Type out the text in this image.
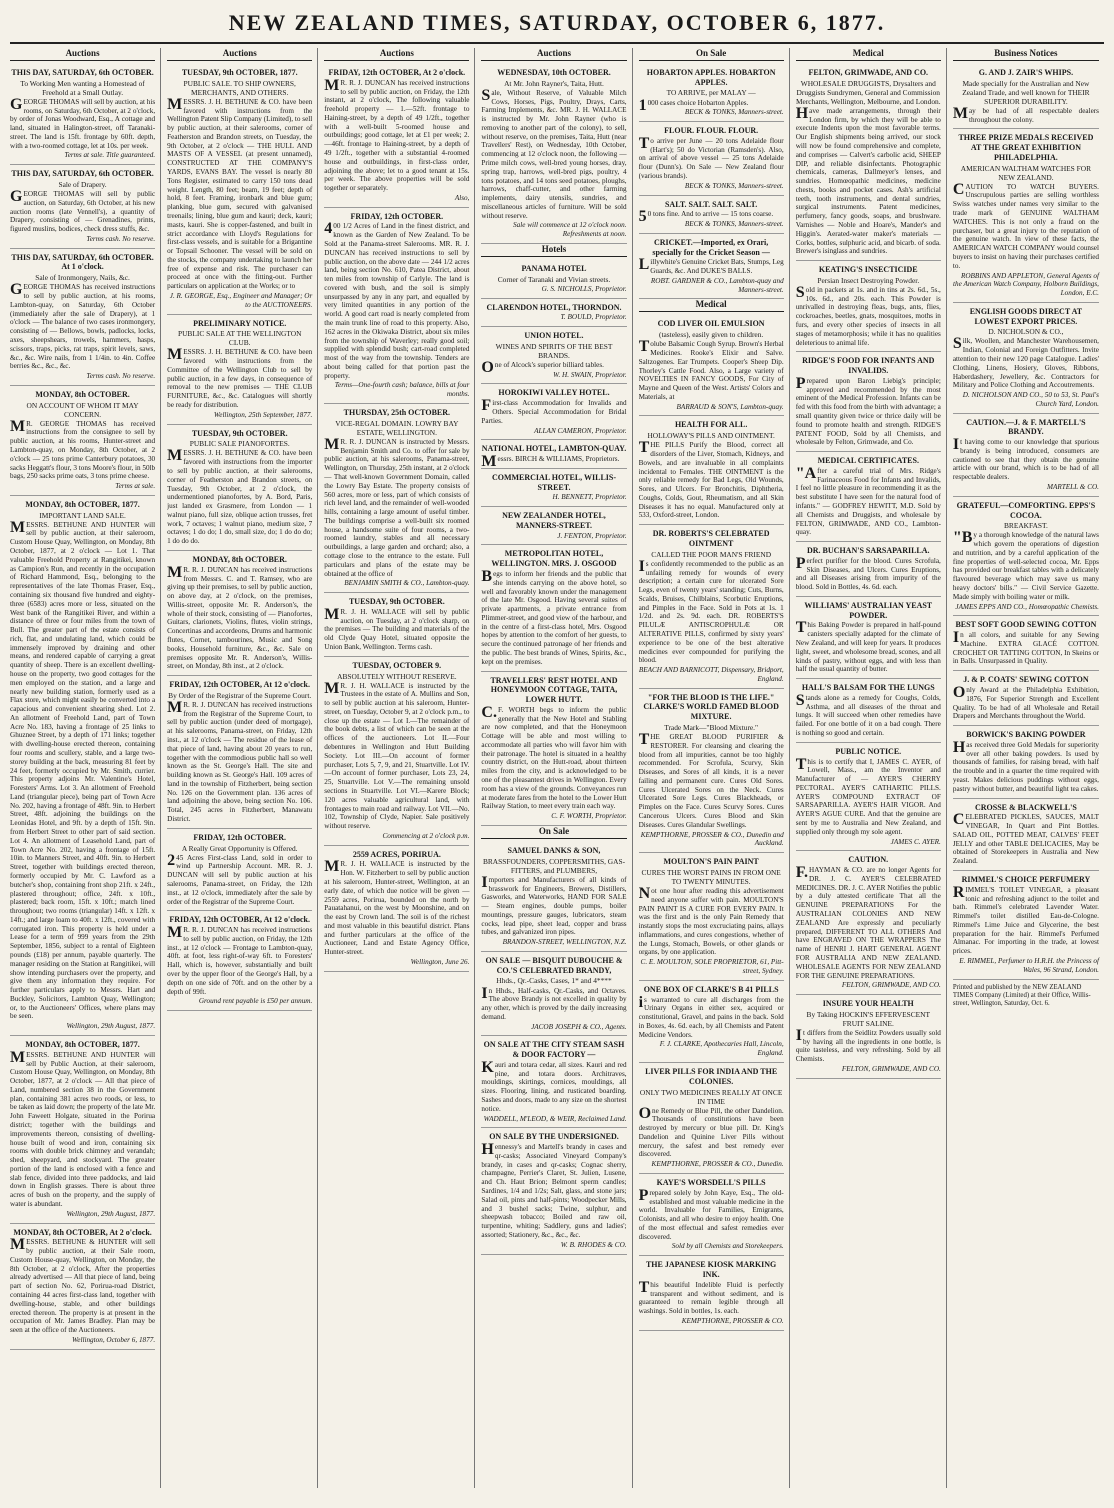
NEW ZEALAND TIMES, SATURDAY, OCTOBER 6, 1877.
Auctions
THIS DAY, SATURDAY, 6th OCTOBER.
To Working Men wanting a Homestead of Freehold at a Small Outlay.

GEORGE THOMAS will sell by auction, at his rooms, on Saturday, 6th October, at 2 o'clock, by order of Jonas Woodward, Esq., A cottage and land, situated in Halington-street, off Taranaki-street. The land is 15ft. frontage by 60ft. depth, with a two-roomed cottage, let at 10s. per week.

Terms at sale. Title guaranteed.

THIS DAY, SATURDAY, 6th OCTOBER.
Sale of Drapery.

GEORGE THOMAS will sell by public auction, on Saturday, 6th October, at his new auction rooms (late Vennell's), a quantity of Drapery, consisting of — Grenadines, prints, figured muslins, bodices, check dress stuffs, &c.

Terms cash. No reserve.

THIS DAY, SATURDAY, 6th OCTOBER. At 1 o'clock.
Sale of Ironmongery, Nails, &c.

GEORGE THOMAS has received instructions to sell by public auction, at his rooms, Lambton-quay, on Saturday, 6th October (immediately after the sale of Drapery), at 1 o'clock — The balance of two cases ironmongery, consisting of — Bellows, bowls, padlocks, locks, axes, sheepshears, trowels, hammers, hasps, scissors, traps, picks, rat traps, spirit levels, saws, &c., &c. Wire nails, from 1 1/4in. to 4in. Coffee berries &c., &c., &c.

Terms cash. No reserve.

MONDAY, 8th OCTOBER.
ON ACCOUNT OF WHOM IT MAY CONCERN.

MR. GEORGE THOMAS has received instructions from the consignee to sell by public auction, at his rooms, Hunter-street and Lambton-quay, on Monday, 8th October, at 2 o'clock — 25 tons prime Canterbury potatoes, 30 sacks Heggatt's flour, 3 tons Moore's flour, in 50lb bags, 250 sacks prime oats, 3 tons prime cheese.

Terms at sale.

MONDAY, 8th OCTOBER, 1877.
IMPORTANT LAND SALE.

MESSRS. BETHUNE AND HUNTER will sell by public auction, at their saleroom, Custom House Quay, Wellington, on Monday, 8th October, 1877, at 2 o'clock — Lot 1. That valuable Freehold Property at Rangitikei, known as Campion's Run, and recently in the occupation of Richard Hammond, Esq., belonging to the representatives of the late Thomas Fraser, Esq., containing six thousand five hundred and eighty-three (6583) acres more or less, situated on the West bank of the Rangitikei River, and within a distance of three or four miles from the town of Bull. The greater part of the estate consists of rich, flat, and undulating land, which could be immensely improved by draining and other means, and rendered capable of carrying a great quantity of sheep. There is an excellent dwelling-house on the property, two good cottages for the men employed on the station, and a large and nearly new building station, formerly used as a Flax store, which might easily be converted into a capacious and convenient shearing shed. Lot 2. An allotment of Freehold Land, part of Town Acre No. 183, having a frontage of 25 links to Ghuznee Street, by a depth of 171 links; together with dwelling-house erected thereon, containing four rooms and scullery, stable, and a large two-storey building at the back, measuring 81 feet by 24 feet, formerly occupied by Mr. Smith, currier. This property adjoins Mr. Valentine's Hotel, Foresters' Arms. Lot 3. An allotment of Freehold Land (triangular piece), being part of Town Acre No. 202, having a frontage of 48ft. 9in. to Herbert Street, 48ft. adjoining the buildings on the Leonidas Hotel, and 9ft. by a depth of 15ft. 9in. from Herbert Street to other part of said section. Lot 4. An allotment of Leasehold Land, part of Town Acre No. 202, having a frontage of 15ft. 10in. to Manners Street, and 40ft. 9in. to Herbert Street, together with buildings erected thereon, formerly occupied by Mr. C. Lawford as a butcher's shop, containing front shop 21ft. x 24ft., plastered throughout; office, 24ft. x 10ft., plastered; back room, 15ft. x 10ft.; match lined throughout; two rooms (triangular) 14ft. x 12ft. x 14ft.; and large loam to 40ft. x 12ft., covered with corrugated iron. This property is held under a Lease for a term of 999 years from the 29th September, 1856, subject to a rental of Eighteen pounds (£18) per annum, payable quarterly. The manager residing on the Station at Rangitikei, will show intending purchasers over the property, and give them any information they require. For further particulars apply to Messrs. Hart and Buckley, Solicitors, Lambton Quay, Wellington; or, to the Auctioneers' Offices, where plans may be seen.

Wellington, 29th August, 1877.

MONDAY, 8th OCTOBER, 1877.

MESSRS. BETHUNE AND HUNTER will sell by Public Auction, at their saleroom, Custom House Quay, Wellington, on Monday, 8th October, 1877, at 2 o'clock — All that piece of Land, numbered section 38 in the Government plan, containing 381 acres two roods, or less, to be taken as laid down; the property of the late Mr. John Faweett Holgate, situated in the Porirua district; together with the buildings and improvements thereon, consisting of dwelling-house built of wood and iron, containing six rooms with double brick chimney and verandah; shed, sheepyard, and stockyard. The greater portion of the land is enclosed with a fence and slab fence, divided into three paddocks, and laid down in English grasses. There is about three acres of bush on the property, and the supply of water is abundant.

Wellington, 29th August, 1877.

MONDAY, 8th OCTOBER, At 2 o'clock.

MESSRS. BETHUNE & HUNTER will sell by public auction, at their Sale room, Custom House-quay, Wellington, on Monday, the 8th October, at 2 o'clock, After the properties already advertised — All that piece of land, being part of section No. 62, Porirua-road District, containing 44 acres first-class land, together with dwelling-house, stable, and other buildings erected thereon. The property is at present in the occupation of Mr. James Bradley. Plan may be seen at the office of the Auctioneers.

Wellington, October 6, 1877.

Auctions
TUESDAY, 9th OCTOBER, 1877.
PUBLIC SALE. TO SHIP OWNERS, MERCHANTS, AND OTHERS.

MESSRS. J. H. BETHUNE & CO. have been favored with instructions from the Wellington Patent Slip Company (Limited), to sell by public auction, at their salerooms, corner of Featherston and Brandon streets, on Tuesday, the 9th October, at 2 o'clock — THE HULL AND MASTS OF A VESSEL (at present unnamed), CONSTRUCTED AT THE COMPANY'S YARDS, EVANS BAY. The vessel is nearly 80 Tons Register, estimated to carry 150 tons dead weight. Length, 80 feet; beam, 19 feet; depth of hold, 8 feet. Framing, ironbark and blue gum; planking, blue gum, secured with galvanised treenails; lining, blue gum and kauri; deck, kauri; masts, kauri. She is copper-fastened, and built in strict accordance with Lloyd's Regulations for first-class vessels, and is suitable for a Brigantine or Topsail Schooner. The vessel will be sold on the stocks, the company undertaking to launch her free of expense and risk. The purchaser can proceed at once with the fitting-out. Further particulars on application at the Works; or to

J. R. GEORGE, Esq., Engineer and Manager; Or to the AUCTIONEERS.

PRELIMINARY NOTICE.
PUBLIC SALE AT THE WELLINGTON CLUB.

MESSRS. J. H. BETHUNE & CO. have been favored with instructions from the Committee of the Wellington Club to sell by public auction, in a few days, in consequence of removal to the new premises — THE CLUB FURNITURE, &c., &c. Catalogues will shortly be ready for distribution.

Wellington, 25th September, 1877.

TUESDAY, 9th OCTOBER.
PUBLIC SALE PIANOFORTES.

MESSRS. J. H. BETHUNE & CO. have been favored with instructions from the importer to sell by public auction, at their salerooms, corner of Featherston and Brandon streets, on Tuesday, 9th October, at 2 o'clock, the undermentioned pianofortes, by A. Bord, Paris, just landed ex Grasmere, from London — 1 walnut piano, full size, oblique action trusses, fret work, 7 octaves; 1 walnut piano, medium size, 7 octaves; 1 do do; 1 do, small size, do; 1 do do do; 1 do do do.

MONDAY, 8th OCTOBER.

MR. R. J. DUNCAN has received instructions from Messrs. C. and T. Ramsey, who are giving up their premises, to sell by public auction, on above day, at 2 o'clock, on the premises, Willis-street, opposite Mr. R. Anderson's, the whole of their stock, consisting of — Pianofortes, Guitars, clarionets, Violins, flutes, violin strings, Concertinas and accordeons, Drums and harmonic flutes, Cornet, tambourines, Music and Song books, Household furniture, &c., &c. Sale on premises opposite Mr. R. Anderson's, Willis-street, on Monday, 8th inst., at 2 o'clock.

FRIDAY, 12th OCTOBER, At 12 o'clock.
By Order of the Registrar of the Supreme Court.

MR. R. J. DUNCAN has received instructions from the Registrar of the Supreme Court, to sell by public auction (under deed of mortgage), at his salerooms, Panama-street, on Friday, 12th inst., at 12 o'clock — The residue of the lease of that piece of land, having about 20 years to run, together with the commodious public hall so well known as the St. George's Hall. The site and building known as St. George's Hall. 109 acres of land in the township of Fitzherbert, being section No. 126 on the Government plan. 136 acres of land adjoining the above, being section No. 106. Total, 245 acres in Fitzherbert, Manawatu District.

FRIDAY, 12th OCTOBER.
A Really Great Opportunity is Offered.

245 Acres First-class Land, sold in order to wind up Partnership Account. MR. R. J. DUNCAN will sell by public auction at his salerooms, Panama-street, on Friday, the 12th inst., at 12 o'clock, immediately after the sale by order of the Registrar of the Supreme Court.

FRIDAY, 12th OCTOBER, At 12 o'clock.

MR. R. J. DUNCAN has received instructions to sell by public auction, on Friday, the 12th inst., at 12 o'clock — Frontage to Lambton-quay, 40ft. at foot, less right-of-way 6ft. to Foresters' Hall, which is, however, substantially and built over by the upper floor of the George's Hall, by a depth on one side of 70ft. and on the other by a depth of 99ft.

Ground rent payable is £50 per annum.

Auctions
FRIDAY, 12th OCTOBER, At 2 o'clock.

MR. R. J. DUNCAN has received instructions to sell by public auction, on Friday, the 12th instant, at 2 o'clock, The following valuable freehold property — 1.—52ft. frontage to Haining-street, by a depth of 49 1/2ft., together with a well-built 5-roomed house and outbuildings; good cottage, let at £1 per week; 2.—46ft. frontage to Haining-street, by a depth of 49 1/2ft., together with a substantial 4-roomed house and outbuildings, in first-class order, adjoining the above; let to a good tenant at 15s. per week. The above properties will be sold together or separately.

Also,

FRIDAY, 12th OCTOBER.

400 1/2 Acres of Land in the finest district, and known as the Garden of New Zealand. To be Sold at the Panama-street Salerooms. MR. R. J. DUNCAN has received instructions to sell by public auction, on the above date — 244 1/2 acres land, being section No. 610, Patea District, about ten miles from township of Carlyle. The land is covered with bush, and the soil is simply unsurpassed by any in any part, and equalled by very limited quantities in any portion of the world. A good cart road is nearly completed from the main trunk line of road to this property. Also, 162 acres in the Okiwaka District, about six miles from the township of Waverley; really good soil; supplied with splendid bush; cart-road completed most of the way from the township. Tenders are about being called for that portion past the property.

Terms—One-fourth cash; balance, bills at four months.

THURSDAY, 25th OCTOBER.
VICE-REGAL DOMAIN. LOWRY BAY ESTATE, WELLINGTON.

MR. R. J. DUNCAN is instructed by Messrs. Benjamin Smith and Co. to offer for sale by public auction, at his salerooms, Panama-street, Wellington, on Thursday, 25th instant, at 2 o'clock — That well-known Government Domain, called the Lowry Bay Estate. The property consists of 560 acres, more or less, part of which consists of rich level land, and the remainder of well-wooded hills, containing a large amount of useful timber. The buildings comprise a well-built six roomed house, a handsome suite of four rooms, a two-roomed laundry, stables and all necessary outbuildings, a large garden and orchard; also, a cottage close to the entrance to the estate. Full particulars and plans of the estate may be obtained at the office of

BENJAMIN SMITH & CO., Lambton-quay.

TUESDAY, 9th OCTOBER.

MR. J. H. WALLACE will sell by public auction, on Tuesday, at 2 o'clock sharp, on the premises — The building and materials of the old Clyde Quay Hotel, situated opposite the Union Bank, Wellington. Terms cash.

TUESDAY, OCTOBER 9.
ABSOLUTELY WITHOUT RESERVE.

MR. J. H. WALLACE is instructed by the Trustees in the estate of A. Mullins and Son, to sell by public auction at his saleroom, Hunter-street, on Tuesday, October 9, at 2 o'clock p.m., to close up the estate — Lot I.—The remainder of the book debts, a list of which can be seen at the offices of the auctioneers. Lot II.—Four debentures in Wellington and Hutt Building Society. Lot III.—On account of former purchaser, Lots 5, 7, 9, and 21, Stuartville. Lot IV.—On account of former purchaser, Lots 23, 24, 25, Stuartville. Lot V.—The remaining unsold sections in Stuartville. Lot VI.—Karere Block; 120 acres valuable agricultural land, with frontages to main road and railway. Lot VII.—No. 102, Township of Clyde, Napier. Sale positively without reserve.

Commencing at 2 o'clock p.m.

2559 ACRES, PORIRUA.

MR. J. H. WALLACE is instructed by the Hon. W. Fitzherbert to sell by public auction at his saleroom, Hunter-street, Wellington, at an early date, of which due notice will be given — 2559 acres, Porirua, bounded on the north by Pauatahanui, on the west by Moonshine, and on the east by Crown land. The soil is of the richest and most valuable in this beautiful district. Plans and further particulars at the office of the Auctioneer, Land and Estate Agency Office, Hunter-street.

Wellington, June 26.

Auctions
WEDNESDAY, 10th OCTOBER.
At Mr. John Rayner's, Taita, Hutt.

Sale, Without Reserve, of Valuable Milch Cows, Horses, Pigs, Poultry, Drays, Carts, Farming Implements, &c. MR. J. H. WALLACE is instructed by Mr. John Rayner (who is removing to another part of the colony), to sell, without reserve, on the premises, Taita, Hutt (near Travellers' Rest), on Wednesday, 10th October, commencing at 12 o'clock noon, the following — Prime milch cows, well-bred young horses, dray, spring trap, harrows, well-bred pigs, poultry, 4 tons potatoes, and 14 tons seed potatoes, ploughs, harrows, chaff-cutter, and other farming implements, dairy utensils, sundries, and miscellaneous articles of furniture. Will be sold without reserve.

Sale will commence at 12 o'clock noon. Refreshments at noon.

Hotels
PANAMA HOTEL
Corner of Taranaki and Vivian streets.

G. S. NICHOLLS, Proprietor.

CLARENDON HOTEL, THORNDON.

T. BOULD, Proprietor.

UNION HOTEL.
WINES AND SPIRITS OF THE BEST BRANDS.

One of Alcock's superior billiard tables.

W. H. SWAIN, Proprietor.

HOROKIWI VALLEY HOTEL.

First-class Accommodation for Invalids and Others. Special Accommodation for Bridal Parties.

ALLAN CAMERON, Proprietor.

NATIONAL HOTEL, LAMBTON-QUAY.

Messrs. BIRCH & WILLIAMS, Proprietors.

COMMERCIAL HOTEL, WILLIS-STREET.

H. BENNETT, Proprietor.

NEW ZEALANDER HOTEL, MANNERS-STREET.

J. FENTON, Proprietor.

METROPOLITAN HOTEL, WELLINGTON. MRS. J. OSGOOD

Begs to inform her friends and the public that she intends carrying on the above hotel, so well and favorably known under the management of the late Mr. Osgood. Having several suites of private apartments, a private entrance from Plimmer-street, and good view of the harbour, and in the centre of a first-class hotel, Mrs. Osgood hopes by attention to the comfort of her guests, to secure the continued patronage of her friends and the public. The best brands of Wines, Spirits, &c., kept on the premises.

TRAVELLERS' REST HOTEL AND HONEYMOON COTTAGE, TAITA, LOWER HUTT.

C.F. WORTH begs to inform the public generally that the New Hotel and Stabling are now completed, and that the Honeymoon Cottage will be able and most willing to accommodate all parties who will favor him with their patronage. The hotel is situated in a healthy country district, on the Hutt-road, about thirteen miles from the city, and is acknowledged to be one of the pleasantest drives in Wellington. Every room has a view of the grounds. Conveyances run at moderate fares from the hotel to the Lower Hutt Railway Station, to meet every train each way.

C. F. WORTH, Proprietor.

On Sale
SAMUEL DANKS & SON,
BRASSFOUNDERS, COPPERSMITHS, GAS-FITTERS, and PLUMBERS,

Importers and Manufacturers of all kinds of brasswork for Engineers, Brewers, Distillers, Gasworks, and Waterworks, HAND FOR SALE — Steam engines, double pumps, boiler mountings, pressure gauges, lubricators, steam cocks, lead pipe, sheet lead, copper and brass tubes, and galvanized iron pipes.

BRANDON-STREET, WELLINGTON, N.Z.

ON SALE — BISQUIT DUBOUCHE & CO.'S CELEBRATED BRANDY,
Hhds., Qr.-Casks, Cases, 1* and 4****

In Hhds., Half-casks, Qr.-Casks, and Octaves. The above Brandy is not excelled in quality by any other, which is proved by the daily increasing demand.

JACOB JOSEPH & CO., Agents.

ON SALE AT THE CITY STEAM SASH & DOOR FACTORY —

Kauri and totara cedar, all sizes. Kauri and red pine, and totara doors. Architraves, mouldings, skirtings, cornices, mouldings, all sizes. Flooring, lining, and rusticated boarding. Sashes and doors, made to any size on the shortest notice.

WADDELL, M'LEOD, & WEIR, Reclaimed Land.

ON SALE BY THE UNDERSIGNED.

Hennessy's and Martell's brandy in cases and qr-casks; Associated Vineyard Company's brandy, in cases and qr-casks; Cognac sherry, champagne, Perrier's Claret, St. Julien, Lusene, and Ch. Haut Brion; Belmont sperm candles; Sardines, 1/4 and 1/2s; Salt, glass, and stone jars; Salad oil, pints and half-pints; Woodpecker Mills, and 3 bushel sacks; Twine, sulphur, and sheepwash tobacco; Boiled and raw oil, turpentine, whiting; Saddlery, guns and ladies'; assorted; Stationery, &c., &c., &c.

W. B. RHODES & CO.

On Sale
HOBARTON APPLES. HOBARTON APPLES.
TO ARRIVE, per MALAY —

1000 cases choice Hobarton Apples.

BECK & TONKS, Manners-street.

FLOUR. FLOUR. FLOUR.

To arrive per June — 20 tons Adelaide flour (Hart's); 50 do Victorian (Ramsden's). Also, on arrival of above vessel — 25 tons Adelaide flour (Dunn's). On Sale — New Zealand flour (various brands).

BECK & TONKS, Manners-street.

SALT. SALT. SALT. SALT.

50 tons fine. And to arrive — 15 tons coarse.

BECK & TONKS, Manners-street.

CRICKET.—Imported, ex Orari, specially for the Cricket Season —

Lillywhite's Genuine Cricket Bats, Stumps, Leg Guards, &c. And DUKE'S BALLS.

ROBT. GARDNER & CO., Lambton-quay and Manners-street.

Medical
COD LIVER OIL EMULSION
(tasteless), easily given to children.

Tolube Balsamic Cough Syrup. Brown's Herbal Medicines. Rooke's Elixir and Salve. Saltzogenes. Ear Trumpets. Cooper's Sheep Dip. Thorley's Cattle Food. Also, a Large variety of NOVELTIES IN FANCY GOODS, For City of Mayne and Queen of the West. Artists' Colors and Materials, at

BARRAUD & SON'S, Lambton-quay.

HEALTH FOR ALL.
HOLLOWAY'S PILLS AND OINTMENT.

THE PILLS Purify the Blood, correct all disorders of the Liver, Stomach, Kidneys, and Bowels, and are invaluable in all complaints incidental to Females. THE OINTMENT is the only reliable remedy for Bad Legs, Old Wounds, Sores, and Ulcers. For Bronchitis, Diphtheria, Coughs, Colds, Gout, Rheumatism, and all Skin Diseases it has no equal. Manufactured only at 533, Oxford-street, London.

DR. ROBERTS'S CELEBRATED OINTMENT
CALLED THE POOR MAN'S FRIEND

Is confidently recommended to the public as an unfailing remedy for wounds of every description; a certain cure for ulcerated Sore Legs, even of twenty years' standing; Cuts, Burns, Scalds, Bruises, Chilblains, Scorbutic Eruptions, and Pimples in the Face. Sold in Pots at 1s. 1 1/2d. and 2s. 9d. each. DR. ROBERTS'S PILULÆ ANTISCROPHULÆ OR ALTERATIVE PILLS, confirmed by sixty years' experience to be one of the best alterative medicines ever compounded for purifying the blood.

BEACH AND BARNICOTT, Dispensary, Bridport, England.

"FOR THE BLOOD IS THE LIFE." CLARKE'S WORLD FAMED BLOOD MIXTURE.
Trade Mark—"Blood Mixture."

THE GREAT BLOOD PURIFIER & RESTORER. For cleansing and clearing the blood from all impurities, cannot be too highly recommended. For Scrofula, Scurvy, Skin Diseases, and Sores of all kinds, it is a never failing and permanent cure. Cures Old Sores. Cures Ulcerated Sores on the Neck. Cures Ulcerated Sore Legs. Cures Blackheads, or Pimples on the Face. Cures Scurvy Sores. Cures Cancerous Ulcers. Cures Blood and Skin Diseases. Cures Glandular Swellings.

KEMPTHORNE, PROSSER & CO., Dunedin and Auckland.

MOULTON'S PAIN PAINT
CURES THE WORST PAINS IN FROM ONE TO TWENTY MINUTES.

Not one hour after reading this advertisement need anyone suffer with pain. MOULTON'S PAIN PAINT IS A CURE FOR EVERY PAIN. It was the first and is the only Pain Remedy that instantly stops the most excruciating pains, allays inflammations, and cures congestions, whether of the Lungs, Stomach, Bowels, or other glands or organs, by one application.

C. E. MOULTON, SOLE PROPRIETOR, 61, Pitt-street, Sydney.

ONE BOX OF CLARKE'S B 41 PILLS

is warranted to cure all discharges from the Urinary Organs in either sex, acquired or constitutional, Gravel, and pains in the back. Sold in Boxes, 4s. 6d. each, by all Chemists and Patent Medicine Vendors.

F. J. CLARKE, Apothecaries Hall, Lincoln, England.

LIVER PILLS FOR INDIA AND THE COLONIES.
ONLY TWO MEDICINES REALLY AT ONCE IN TIME

One Remedy or Blue Pill, the other Dandelion. Thousands of constitutions have been destroyed by mercury or blue pill. Dr. King's Dandelion and Quinine Liver Pills without mercury, the safest and best remedy ever discovered.

KEMPTHORNE, PROSSER & CO., Dunedin.

KAYE'S WORSDELL'S PILLS

Prepared solely by John Kaye, Esq., The old-established and most valuable medicine in the world. Invaluable for Families, Emigrants, Colonists, and all who desire to enjoy health. One of the most effectual and safest remedies ever discovered.

Sold by all Chemists and Storekeepers.

THE JAPANESE KIOSK MARKING INK.

This beautiful Indelible Fluid is perfectly transparent and without sediment, and is guaranteed to remain legible through all washings. Sold in bottles, 1s. each.

KEMPTHORNE, PROSSER & CO.

Medical
FELTON, GRIMWADE, AND CO.
WHOLESALE DRUGGISTS, Drysalters and Druggists Sundrymen, General and Commission Merchants, Wellington, Melbourne, and London.

Have made arrangements, through their London firm, by which they will be able to execute Indents upon the most favorable terms. Our English shipments being arrived, our stock will now be found comprehensive and complete, and comprises — Calvert's carbolic acid, SHEEP DIP, and reliable disinfectants. Photographic chemicals, cameras, Dallmeyer's lenses, and sundries. Homœopathic medicines, medicine chests, books and pocket cases. Ash's artificial teeth, tooth instruments, and dental sundries, surgical instruments. Patent medicines, perfumery, fancy goods, soaps, and brushware. Varnishes — Noble and Hoare's, Mander's and Higgin's. Aerated-water maker's materials — Corks, bottles, sulphuric acid, and bicarb. of soda. Brewer's isinglass and sundries.

KEATING'S INSECTICIDE
Persian Insect Destroying Powder.

Sold in packets at 1s. and in tins at 2s. 6d., 5s., 10s. 6d., and 20s. each. This Powder is unrivalled in destroying fleas, bugs, ants, flies, cockroaches, beetles, gnats, mosquitoes, moths in furs, and every other species of insects in all stages of metamorphosis; while it has no qualities deleterious to animal life.

RIDGE'S FOOD FOR INFANTS AND INVALIDS.

Prepared upon Baron Liebig's principle; approved and recommended by the most eminent of the Medical Profession. Infants can be fed with this food from the birth with advantage; a small quantity given twice or thrice daily will be found to promote health and strength. RIDGE'S PATENT FOOD, Sold by all Chemists, and wholesale by Felton, Grimwade, and Co.

MEDICAL CERTIFICATES.

"After a careful trial of Mrs. Ridge's Farinaceous Food for Infants and Invalids, I feel no little pleasure in recommending it as the best substitute I have seen for the natural food of infants." — GODFREY HEWITT, M.D. Sold by all Chemists and Druggists, and wholesale by FELTON, GRIMWADE, AND CO., Lambton-quay.

DR. BUCHAN'S SARSAPARILLA.

Perfect purifier for the blood. Cures Scrofula, Skin Diseases, and Ulcers. Cures Eruptions, and all Diseases arising from impurity of the blood. Sold in Bottles, 4s. 6d. each.

WILLIAMS' AUSTRALIAN YEAST POWDER.

This Baking Powder is prepared in half-pound canisters specially adapted for the climate of New Zealand, and will keep for years. It produces light, sweet, and wholesome bread, scones, and all kinds of pastry, without eggs, and with less than half the usual quantity of butter.

HALL'S BALSAM FOR THE LUNGS

Stands alone as a remedy for Coughs, Colds, Asthma, and all diseases of the throat and lungs. It will succeed when other remedies have failed. For one bottle of it on a bad cough. There is nothing so good and certain.

PUBLIC NOTICE.

This is to certify that I, JAMES C. AYER, of Lowell, Mass., am the Inventor and Manufacturer of — AYER'S CHERRY PECTORAL. AYER'S CATHARTIC PILLS. AYER'S COMPOUND EXTRACT OF SARSAPARILLA. AYER'S HAIR VIGOR. And AYER'S AGUE CURE. And that the genuine are sent by me to Australia and New Zealand, and supplied only through my sole agent.

JAMES C. AYER.

CAUTION.

F.HAYMAN & CO. are no longer Agents for DR. J. C. AYER'S CELEBRATED MEDICINES. DR. J. C. AYER Notifies the public by a duly attested certificate That all the GENUINE PREPARATIONS For the AUSTRALIAN COLONIES AND NEW ZEALAND Are expressly and peculiarly prepared, DIFFERENT TO ALL OTHERS And have ENGRAVED ON THE WRAPPERS The name of HENRI J. HART GENERAL AGENT FOR AUSTRALIA AND NEW ZEALAND. WHOLESALE AGENTS FOR NEW ZEALAND FOR THE GENUINE PREPARATIONS.

FELTON, GRIMWADE, AND CO.

INSURE YOUR HEALTH
By Taking HOCKIN'S EFFERVESCENT FRUIT SALINE.

It differs from the Seidlitz Powders usually sold by having all the ingredients in one bottle, is quite tasteless, and very refreshing. Sold by all Chemists.

FELTON, GRIMWADE, AND CO.

Business Notices
G. AND J. ZAIR'S WHIPS.
Made specially for the Australian and New Zealand Trade, and well known for THEIR SUPERIOR DURABILITY.

May be had of all respectable dealers throughout the colony.

THREE PRIZE MEDALS RECEIVED AT THE GREAT EXHIBITION PHILADELPHIA.
AMERICAN WALTHAM WATCHES FOR NEW ZEALAND.

CAUTION TO WATCH BUYERS. Unscrupulous parties are selling worthless Swiss watches under names very similar to the trade mark of GENUINE WALTHAM WATCHES. This is not only a fraud on the purchaser, but a great injury to the reputation of the genuine watch. In view of these facts, the AMERICAN WATCH COMPANY would counsel buyers to insist on having their purchases certified to.

ROBBINS AND APPLETON, General Agents of the American Watch Company, Holborn Buildings, London, E.C.

ENGLISH GOODS DIRECT AT LOWEST EXPORT PRICES.
D. NICHOLSON & CO.,

Silk, Woollen, and Manchester Warehousemen, Indian, Colonial and Foreign Outfitters. Invite attention to their new 120 page Catalogue. Ladies' Clothing, Linens, Hosiery, Gloves, Ribbons, Haberdashery, Jewellery, &c. Contractors for Military and Police Clothing and Accoutrements.

D. NICHOLSON AND CO., 50 to 53, St. Paul's Church Yard, London.

CAUTION.—J. & F. MARTELL'S BRANDY.

It having come to our knowledge that spurious brandy is being introduced, consumers are cautioned to see that they obtain the genuine article with our brand, which is to be had of all respectable dealers.

MARTELL & CO.

GRATEFUL—COMFORTING. EPPS'S COCOA.
BREAKFAST.

"By a thorough knowledge of the natural laws which govern the operations of digestion and nutrition, and by a careful application of the fine properties of well-selected cocoa, Mr. Epps has provided our breakfast tables with a delicately flavoured beverage which may save us many heavy doctors' bills." — Civil Service Gazette. Made simply with boiling water or milk.

JAMES EPPS AND CO., Homœopathic Chemists.

BEST SOFT GOOD SEWING COTTON

In all colors, and suitable for any Sewing Machine. EXTRA GLACÉ COTTON. CROCHET OR TATTING COTTON, In Skeins or in Balls. Unsurpassed in Quality.

J. & P. COATS' SEWING COTTON

Only Award at the Philadelphia Exhibition, 1876, For Superior Strength and Excellent Quality. To be had of all Wholesale and Retail Drapers and Merchants throughout the World.

BORWICK'S BAKING POWDER

Has received three Gold Medals for superiority over all other baking powders. Is used by thousands of families, for raising bread, with half the trouble and in a quarter the time required with yeast. Makes delicious puddings without eggs, pastry without butter, and beautiful light tea cakes.

CROSSE & BLACKWELL'S

CELEBRATED PICKLES, SAUCES, MALT VINEGAR, In Quart and Pint Bottles. SALAD OIL, POTTED MEAT, CALVES' FEET JELLY and other TABLE DELICACIES, May be obtained of Storekeepers in Australia and New Zealand.

RIMMEL'S CHOICE PERFUMERY

RIMMEL'S TOILET VINEGAR, a pleasant tonic and refreshing adjunct to the toilet and bath. Rimmel's celebrated Lavender Water. Rimmel's toilet distilled Eau-de-Cologne. Rimmel's Lime Juice and Glycerine, the best preparation for the hair. Rimmel's Perfumed Almanac. For importing in the trade, at lowest prices.

E. RIMMEL, Perfumer to H.R.H. the Princess of Wales, 96 Strand, London.

Printed and published by the NEW ZEALAND TIMES Company (Limited) at their Office, Willis-street, Wellington, Saturday, Oct. 6.
